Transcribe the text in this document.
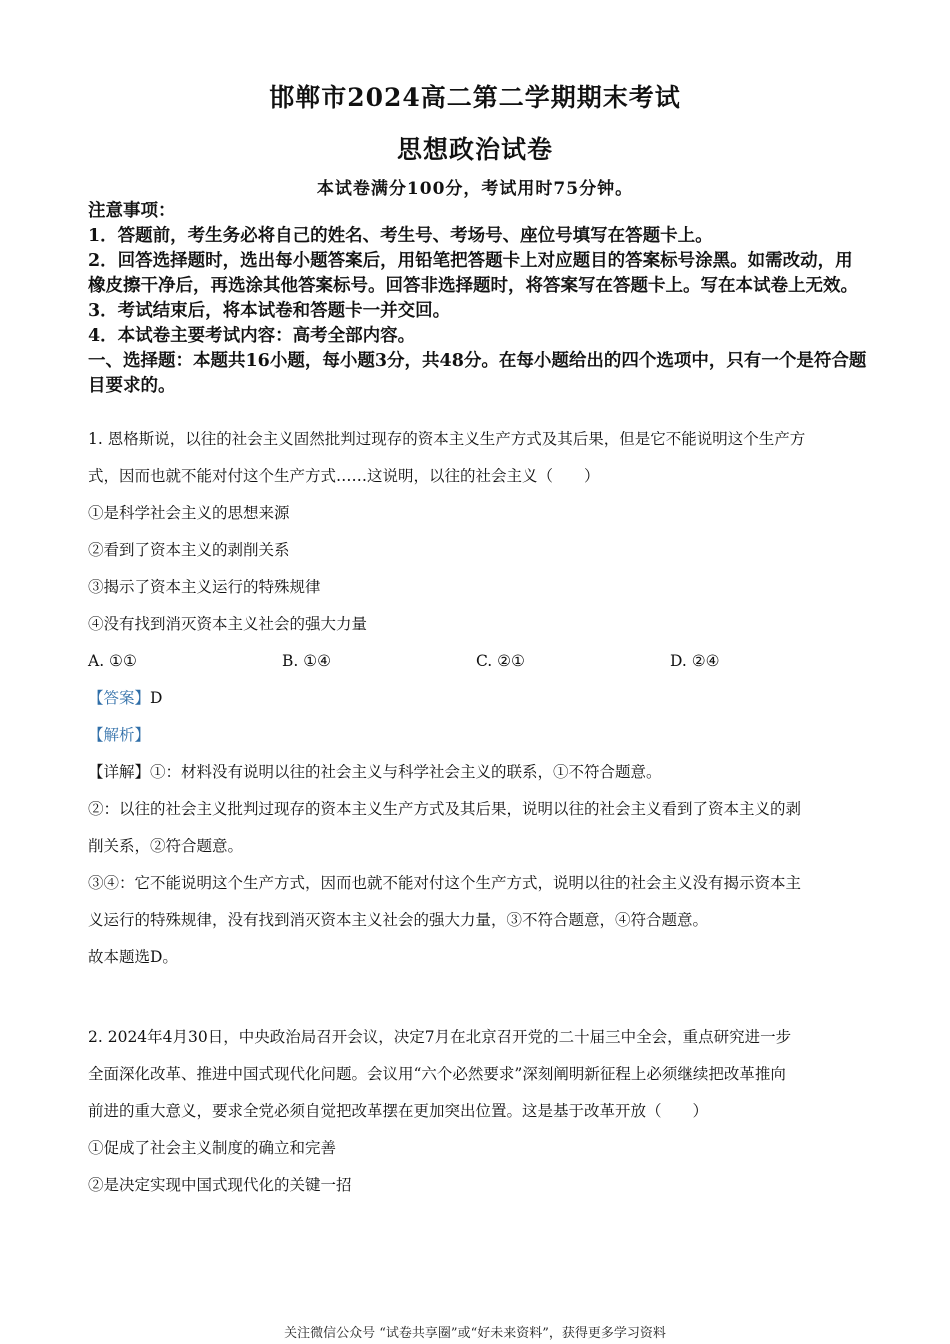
邯郸市2024高二第二学期期末考试
思想政治试卷
本试卷满分100分，考试用时75分钟。
注意事项：
1．答题前，考生务必将自己的姓名、考生号、考场号、座位号填写在答题卡上。
2．回答选择题时，选出每小题答案后，用铅笔把答题卡上对应题目的答案标号涂黑。如需改动，用橡皮擦干净后，再选涂其他答案标号。回答非选择题时，将答案写在答题卡上。写在本试卷上无效。
3．考试结束后，将本试卷和答题卡一并交回。
4．本试卷主要考试内容：高考全部内容。
一、选择题：本题共16小题，每小题3分，共48分。在每小题给出的四个选项中，只有一个是符合题目要求的。
1. 恩格斯说，以往的社会主义固然批判过现存的资本主义生产方式及其后果，但是它不能说明这个生产方
式，因而也就不能对付这个生产方式……这说明，以往的社会主义（　　）
①是科学社会主义的思想来源
②看到了资本主义的剥削关系
③揭示了资本主义运行的特殊规律
④没有找到消灭资本主义社会的强大力量
A. ①①	B. ①④	C. ②①	D. ②④
【答案】D
【解析】
【详解】①：材料没有说明以往的社会主义与科学社会主义的联系，①不符合题意。
②：以往的社会主义批判过现存的资本主义生产方式及其后果，说明以往的社会主义看到了资本主义的剥
削关系，②符合题意。
③④：它不能说明这个生产方式，因而也就不能对付这个生产方式，说明以往的社会主义没有揭示资本主
义运行的特殊规律，没有找到消灭资本主义社会的强大力量，③不符合题意，④符合题意。
故本题选D。
2. 2024年4月30日，中央政治局召开会议，决定7月在北京召开党的二十届三中全会，重点研究进一步
全面深化改革、推进中国式现代化问题。会议用“六个必然要求”深刻阐明新征程上必须继续把改革推向
前进的重大意义，要求全党必须自觉把改革摆在更加突出位置。这是基于改革开放（　　）
①促成了社会主义制度的确立和完善
②是决定实现中国式现代化的关键一招
关注微信公众号 “试卷共享圈”或“好未来资料”，获得更多学习资料
